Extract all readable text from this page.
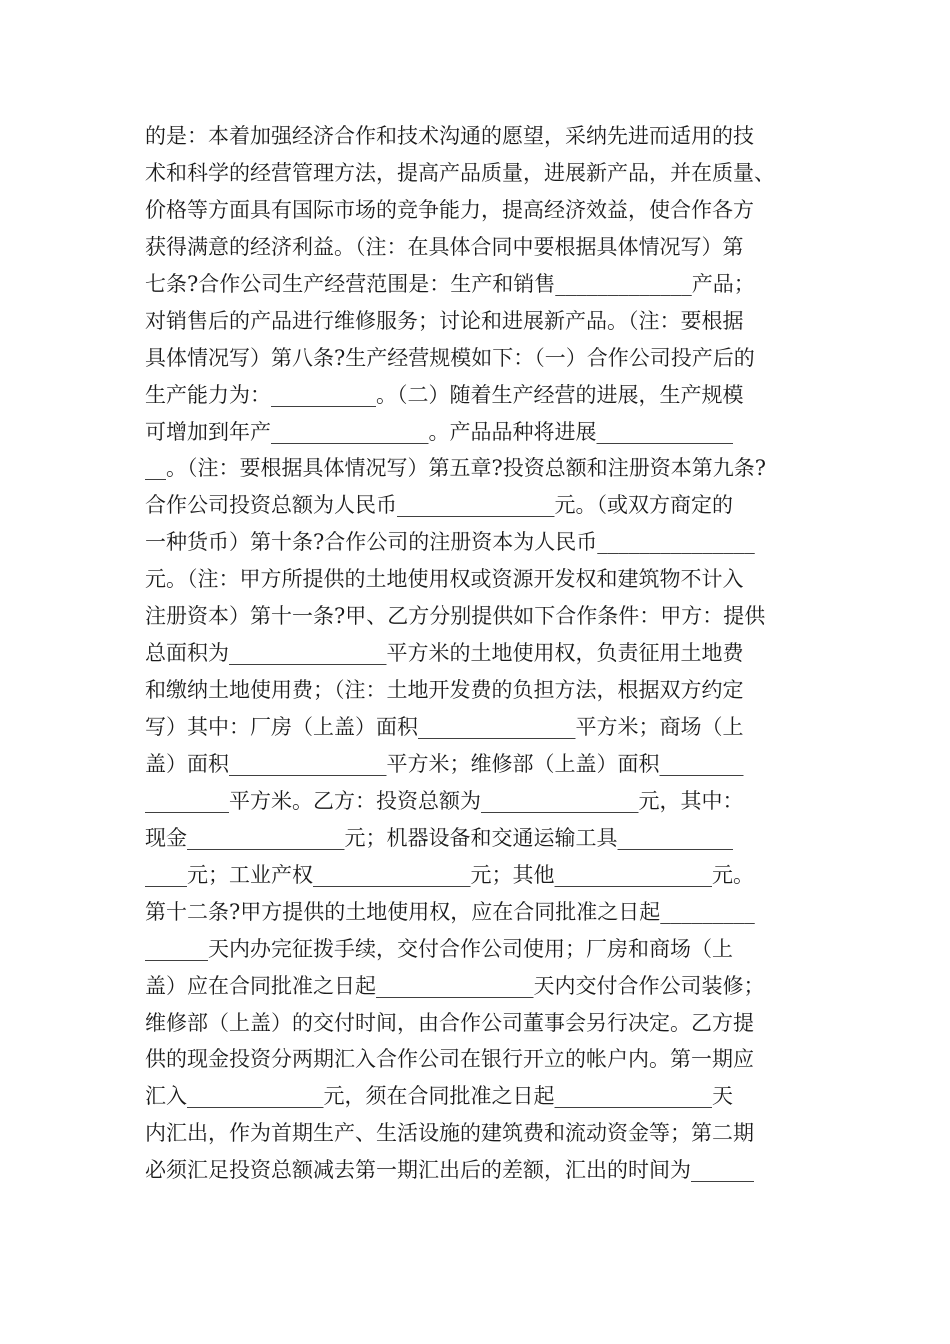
的是：本着加强经济合作和技术沟通的愿望，采纳先进而适用的技
术和科学的经营管理方法，提高产品质量，进展新产品，并在质量、
价格等方面具有国际市场的竞争能力，提高经济效益，使合作各方
获得满意的经济利益。（注：在具体合同中要根据具体情况写）第
七条?合作公司生产经营范围是：生产和销售_____________产品；
对销售后的产品进行维修服务；讨论和进展新产品。（注：要根据
具体情况写）第八条?生产经营规模如下：（一）合作公司投产后的
生产能力为：__________。（二）随着生产经营的进展，生产规模
可增加到年产_______________。产品品种将进展_____________
__。（注：要根据具体情况写）第五章?投资总额和注册资本第九条?
合作公司投资总额为人民币_______________元。（或双方商定的
一种货币）第十条?合作公司的注册资本为人民币_______________
元。（注：甲方所提供的土地使用权或资源开发权和建筑物不计入
注册资本）第十一条?甲、乙方分别提供如下合作条件：甲方：提供
总面积为_______________平方米的土地使用权，负责征用土地费
和缴纳土地使用费；（注：土地开发费的负担方法，根据双方约定
写）其中：厂房（上盖）面积_______________平方米；商场（上
盖）面积_______________平方米；维修部（上盖）面积________
________平方米。乙方：投资总额为_______________元，其中：
现金_______________元；机器设备和交通运输工具___________
____元；工业产权_______________元；其他_______________元。
第十二条?甲方提供的土地使用权，应在合同批准之日起_________
______天内办完征拨手续，交付合作公司使用；厂房和商场（上
盖）应在合同批准之日起_______________天内交付合作公司装修；
维修部（上盖）的交付时间，由合作公司董事会另行决定。乙方提
供的现金投资分两期汇入合作公司在银行开立的帐户内。第一期应
汇入_____________元，须在合同批准之日起_______________天
内汇出，作为首期生产、生活设施的建筑费和流动资金等；第二期
必须汇足投资总额减去第一期汇出后的差额，汇出的时间为______
